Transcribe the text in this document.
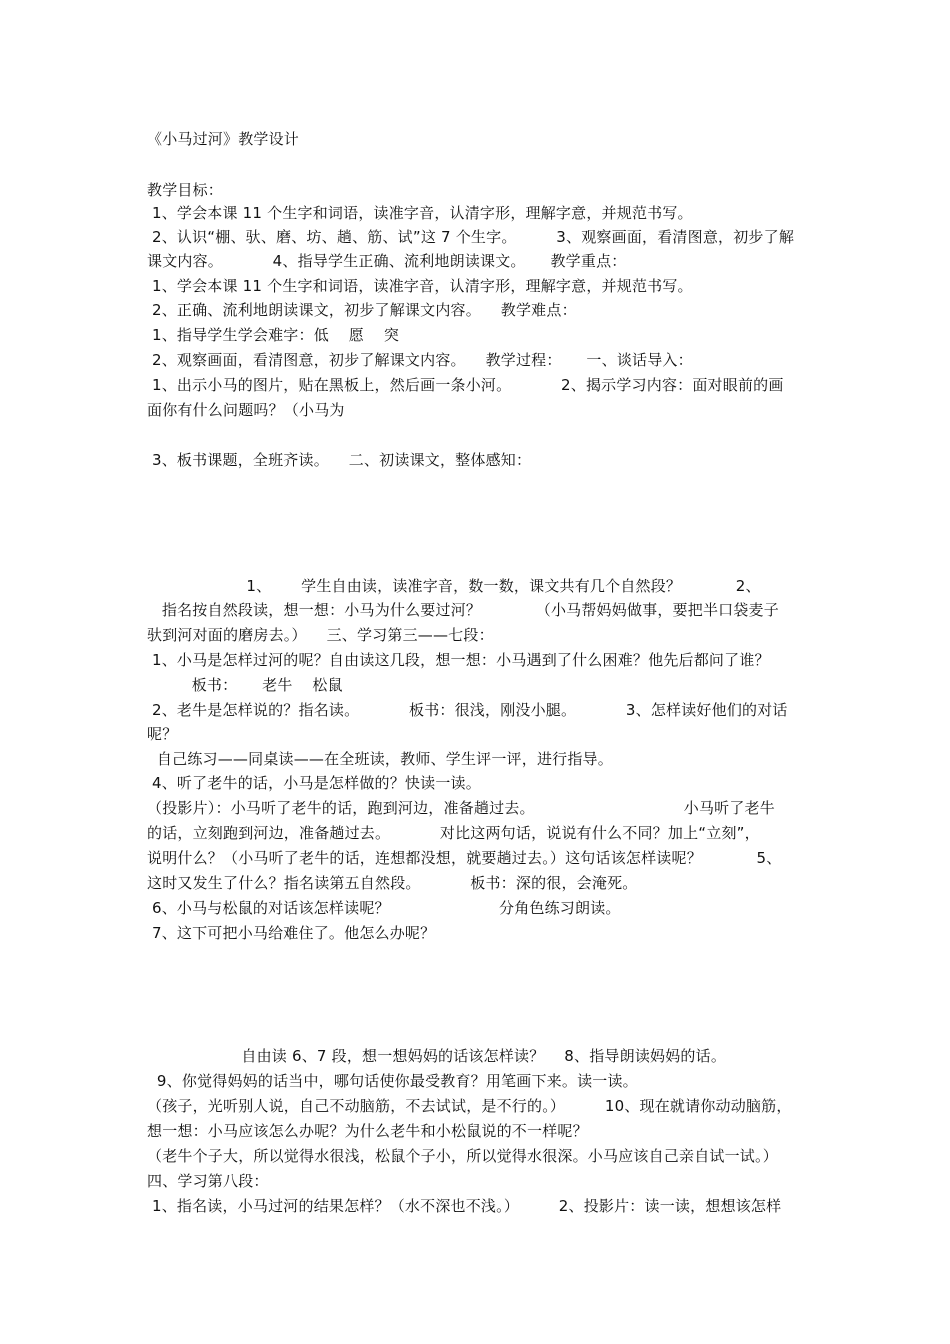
《小马过河》教学设计
教学目标：
1、学会本课 11 个生字和词语，读准字音，认清字形，理解字意，并规范书写。
2、认识“棚、驮、磨、坊、趟、筋、试”这 7 个生字。        3、观察画面，看清图意，初步了解
课文内容。          4、指导学生正确、流利地朗读课文。     教学重点：
1、学会本课 11 个生字和词语，读准字音，认清字形，理解字意，并规范书写。
2、正确、流利地朗读课文，初步了解课文内容。    教学难点：
1、指导学生学会难字：低    愿    突
2、观察画面，看清图意，初步了解课文内容。    教学过程：     一、谈话导入：
1、出示小马的图片，贴在黑板上，然后画一条小河。          2、揭示学习内容：面对眼前的画
面你有什么问题吗？（小马为
3、板书课题，全班齐读。    二、初读课文，整体感知：
1、      学生自由读，读准字音，数一数，课文共有几个自然段？           2、
指名按自然段读，想一想：小马为什么要过河？           （小马帮妈妈做事，要把半口袋麦子
驮到河对面的磨房去。）    三、学习第三——七段：
1、小马是怎样过河的呢？自由读这几段，想一想：小马遇到了什么困难？他先后都问了谁？
板书：     老牛    松鼠
2、老牛是怎样说的？指名读。          板书：很浅，刚没小腿。          3、怎样读好他们的对话
呢？
自己练习——同桌读——在全班读，教师、学生评一评，进行指导。
4、听了老牛的话，小马是怎样做的？快读一读。
（投影片）：小马听了老牛的话，跑到河边，准备趟过去。                              小马听了老牛
的话，立刻跑到河边，准备趟过去。          对比这两句话，说说有什么不同？加上“立刻”，
说明什么？（小马听了老牛的话，连想都没想，就要趟过去。）这句话该怎样读呢？           5、
这时又发生了什么？指名读第五自然段。          板书：深的很，会淹死。
6、小马与松鼠的对话该怎样读呢？                      分角色练习朗读。
7、这下可把小马给难住了。他怎么办呢？
自由读 6、7 段，想一想妈妈的话该怎样读？    8、指导朗读妈妈的话。
9、你觉得妈妈的话当中，哪句话使你最受教育？用笔画下来。读一读。
（孩子，光听别人说，自己不动脑筋，不去试试，是不行的。）        10、现在就请你动动脑筋，
想一想：小马应该怎么办呢？为什么老牛和小松鼠说的不一样呢？
（老牛个子大，所以觉得水很浅，松鼠个子小，所以觉得水很深。小马应该自己亲自试一试。）
四、学习第八段：
1、指名读，小马过河的结果怎样？（水不深也不浅。）        2、投影片：读一读，想想该怎样
